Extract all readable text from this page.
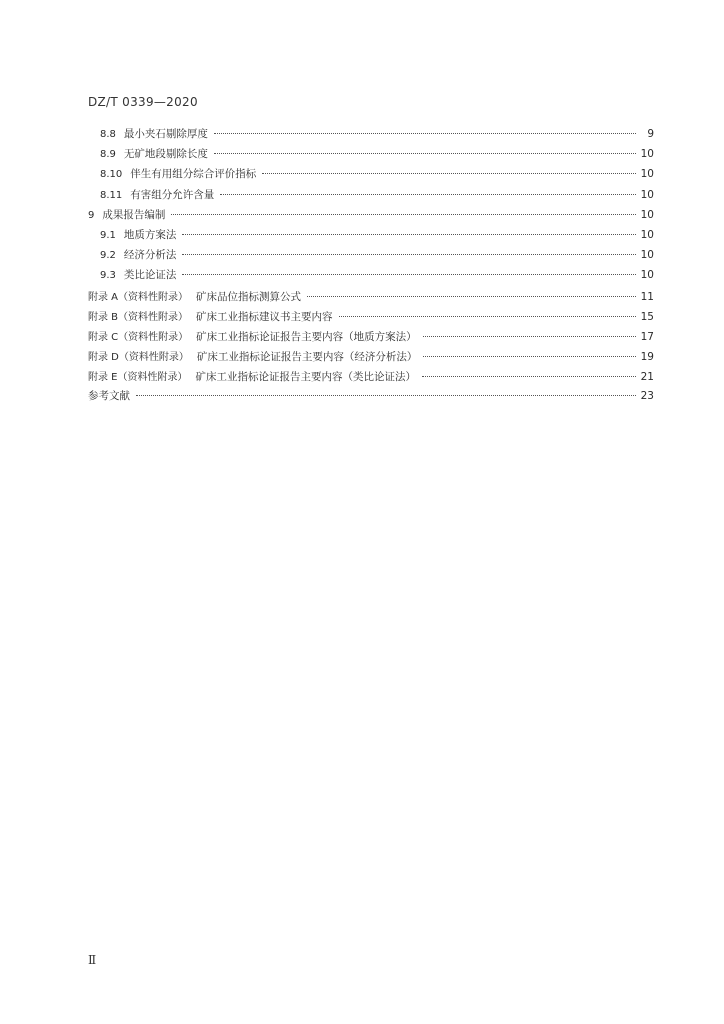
DZ/T 0339—2020
8.8 最小夹石剔除厚度	9
8.9 无矿地段剔除长度	10
8.10 伴生有用组分综合评价指标	10
8.11 有害组分允许含量	10
9 成果报告编制	10
9.1 地质方案法	10
9.2 经济分析法	10
9.3 类比论证法	10
附录 A（资料性附录） 矿床品位指标测算公式	11
附录 B（资料性附录） 矿床工业指标建议书主要内容	15
附录 C（资料性附录） 矿床工业指标论证报告主要内容（地质方案法）	17
附录 D（资料性附录） 矿床工业指标论证报告主要内容（经济分析法）	19
附录 E（资料性附录） 矿床工业指标论证报告主要内容（类比论证法）	21
参考文献	23
Ⅱ
